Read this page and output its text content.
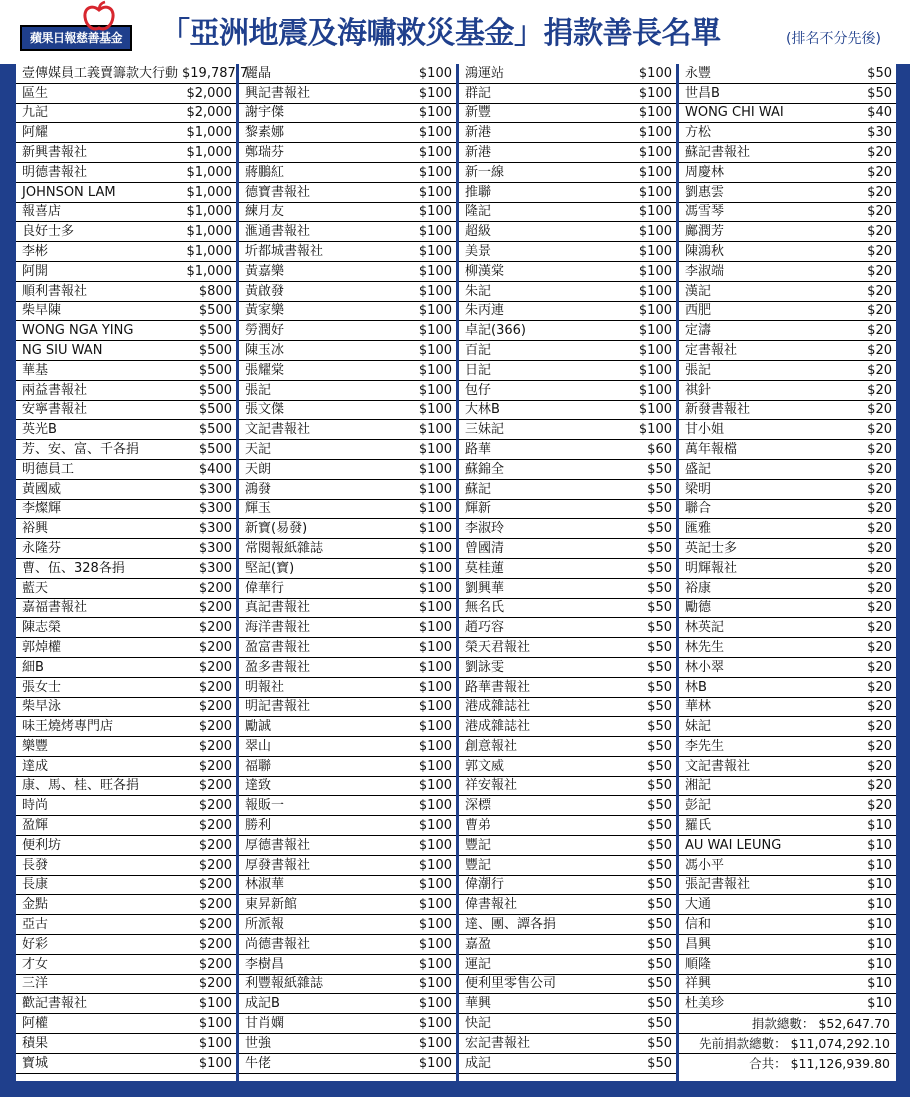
蘋果日報慈善基金	「亞洲地震及海嘯救災基金」捐款善長名單	(排名不分先後)
壹傳媒員工義賣籌款大行動 $19,787.7
區生	$2,000
九記	$2,000
阿耀	$1,000
新興書報社	$1,000
明德書報社	$1,000
JOHNSON LAM	$1,000
報喜店	$1,000
良好士多	$1,000
李彬	$1,000
阿開	$1,000
順利書報社	$800
柴早陳	$500
WONG NGA YING	$500
NG SIU WAN	$500
華基	$500
兩益書報社	$500
安寧書報社	$500
英光B	$500
芳、安、富、千各捐	$500
明德員工	$400
黃國威	$300
李燦輝	$300
裕興	$300
永隆芬	$300
曹、伍、328各捐	$300
藍天	$200
嘉福書報社	$200
陳志榮	$200
郭焯權	$200
細B	$200
張女士	$200
柴早泳	$200
味王燒烤專門店	$200
樂豐	$200
達成	$200
康、馬、桂、旺各捐	$200
時尚	$200
盈輝	$200
便利坊	$200
長發	$200
長康	$200
金點	$200
亞古	$200
好彩	$200
才女	$200
三洋	$200
歡記書報社	$100
阿權	$100
積果	$100
寶城	$100
麗晶	$100
興記書報社	$100
謝宇傑	$100
黎素娜	$100
鄭瑞芬	$100
蔣鵬紅	$100
德寶書報社	$100
練月友	$100
滙通書報社	$100
圻都城書報社	$100
黃嘉樂	$100
黃啟發	$100
黃家樂	$100
勞潤好	$100
陳玉冰	$100
張耀棠	$100
張記	$100
張文傑	$100
文記書報社	$100
天記	$100
天朗	$100
鴻發	$100
輝玉	$100
新寶(易發)	$100
常閱報紙雜誌	$100
堅記(寶)	$100
偉華行	$100
真記書報社	$100
海洋書報社	$100
盈富書報社	$100
盈多書報社	$100
明報社	$100
明記書報社	$100
勵誠	$100
翠山	$100
福聯	$100
達致	$100
報販一	$100
勝利	$100
厚德書報社	$100
厚發書報社	$100
林淑華	$100
東昇新館	$100
所派報	$100
尚德書報社	$100
李樹昌	$100
利豐報紙雜誌	$100
成記B	$100
甘肖嫻	$100
世強	$100
牛佬	$100
鴻運站	$100
群記	$100
新豐	$100
新港	$100
新港	$100
新一線	$100
推聯	$100
隆記	$100
超級	$100
美景	$100
柳漢棠	$100
朱記	$100
朱丙連	$100
卓記(366)	$100
百記	$100
日記	$100
包仔	$100
大林B	$100
三妹記	$100
路華	$60
蘇錦全	$50
蘇記	$50
輝新	$50
李淑玲	$50
曾國清	$50
莫桂蓮	$50
劉興華	$50
無名氏	$50
趙巧容	$50
榮天君報社	$50
劉詠雯	$50
路華書報社	$50
港成雜誌社	$50
港成雜誌社	$50
創意報社	$50
郭文威	$50
祥安報社	$50
深標	$50
曹弟	$50
豐記	$50
豐記	$50
偉潮行	$50
偉書報社	$50
達、團、譚各捐	$50
嘉盈	$50
運記	$50
便利里零售公司	$50
華興	$50
快記	$50
宏記書報社	$50
成記	$50
永豐	$50
世昌B	$50
WONG CHI WAI	$40
方松	$30
蘇記書報社	$20
周慶林	$20
劉惠雲	$20
馮雪琴	$20
鄺潤芳	$20
陳鴻秋	$20
李淑端	$20
漢記	$20
西肥	$20
定濤	$20
定書報社	$20
張記	$20
祺針	$20
新發書報社	$20
甘小姐	$20
萬年報檔	$20
盛記	$20
梁明	$20
聯合	$20
匯雅	$20
英記士多	$20
明輝報社	$20
裕康	$20
勵德	$20
林英記	$20
林先生	$20
林小翠	$20
林B	$20
華林	$20
妹記	$20
李先生	$20
文記書報社	$20
湘記	$20
彭記	$20
羅氏	$10
AU WAI LEUNG	$10
馮小平	$10
張記書報社	$10
大通	$10
信和	$10
昌興	$10
順隆	$10
祥興	$10
杜美珍	$10
捐款總數： $52,647.70
先前捐款總數： $11,074,292.10
合共： $11,126,939.80
